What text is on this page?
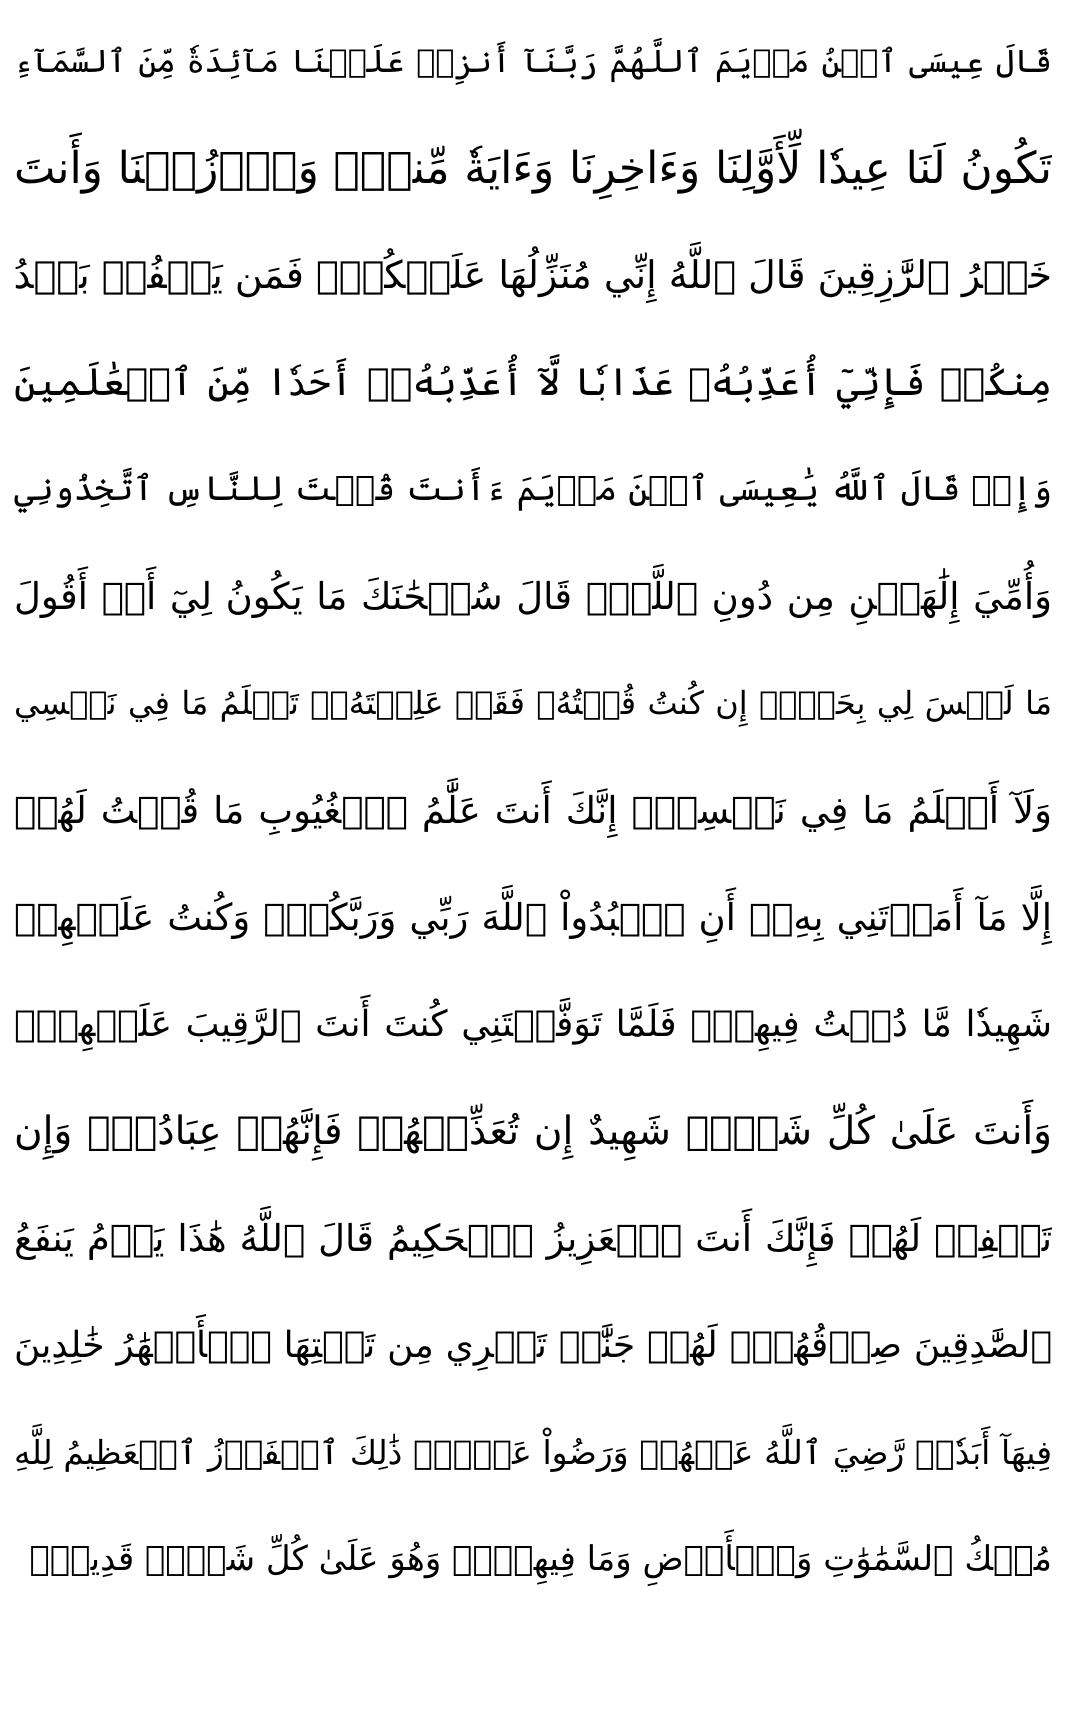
قَالَ عِيسَى ٱبۡنُ مَرۡيَمَ ٱللَّهُمَّ رَبَّنَآ أَنزِلۡ عَلَيۡنَا مَآئِدَةٗ مِّنَ ٱلسَّمَآءِ
تَكُونُ لَنَا عِيدٗا لِّأَوَّلِنَا وَءَاخِرِنَا وَءَايَةٗ مِّنكَۖ وَٱرۡزُقۡنَا وَأَنتَ
خَيۡرُ ٱلرَّٰزِقِينَ قَالَ ٱللَّهُ إِنِّي مُنَزِّلُهَا عَلَيۡكُمۡۖ فَمَن يَكۡفُرۡ بَعۡدُ
مِنكُمۡ فَإِنِّيٓ أُعَذِّبُهُۥ عَذَابٗا لَّآ أُعَذِّبُهُۥٓ أَحَدٗا مِّنَ ٱلۡعَٰلَمِينَ
وَإِذۡ قَالَ ٱللَّهُ يَٰعِيسَى ٱبۡنَ مَرۡيَمَ ءَأَنتَ قُلۡتَ لِلنَّاسِ ٱتَّخِذُونِي
وَأُمِّيَ إِلَٰهَيۡنِ مِن دُونِ ٱللَّهِۖ قَالَ سُبۡحَٰنَكَ مَا يَكُونُ لِيٓ أَنۡ أَقُولَ
مَا لَيۡسَ لِي بِحَقٍّۚ إِن كُنتُ قُلۡتُهُۥ فَقَدۡ عَلِمۡتَهُۥۚ تَعۡلَمُ مَا فِي نَفۡسِي
وَلَآ أَعۡلَمُ مَا فِي نَفۡسِكَۚ إِنَّكَ أَنتَ عَلَّٰمُ ٱلۡغُيُوبِ مَا قُلۡتُ لَهُمۡ
إِلَّا مَآ أَمَرۡتَنِي بِهِۦٓ أَنِ ٱعۡبُدُواْ ٱللَّهَ رَبِّي وَرَبَّكُمۡۚ وَكُنتُ عَلَيۡهِمۡ
شَهِيدٗا مَّا دُمۡتُ فِيهِمۡۖ فَلَمَّا تَوَفَّيۡتَنِي كُنتَ أَنتَ ٱلرَّقِيبَ عَلَيۡهِمۡۚ
وَأَنتَ عَلَىٰ كُلِّ شَيۡءٖ شَهِيدٌ إِن تُعَذِّبۡهُمۡ فَإِنَّهُمۡ عِبَادُكَۖ وَإِن
تَغۡفِرۡ لَهُمۡ فَإِنَّكَ أَنتَ ٱلۡعَزِيزُ ٱلۡحَكِيمُ قَالَ ٱللَّهُ هَٰذَا يَوۡمُ يَنفَعُ
ٱلصَّٰدِقِينَ صِدۡقُهُمۡۚ لَهُمۡ جَنَّٰتٞ تَجۡرِي مِن تَحۡتِهَا ٱلۡأَنۡهَٰرُ خَٰلِدِينَ
فِيهَآ أَبَدٗاۖ رَّضِيَ ٱللَّهُ عَنۡهُمۡ وَرَضُواْ عَنۡهُۚ ذَٰلِكَ ٱلۡفَوۡزُ ٱلۡعَظِيمُ لِلَّهِ
مُلۡكُ ٱلسَّمَٰوَٰتِ وَٱلۡأَرۡضِ وَمَا فِيهِنَّۚ وَهُوَ عَلَىٰ كُلِّ شَيۡءٖ قَدِيرُۢ
